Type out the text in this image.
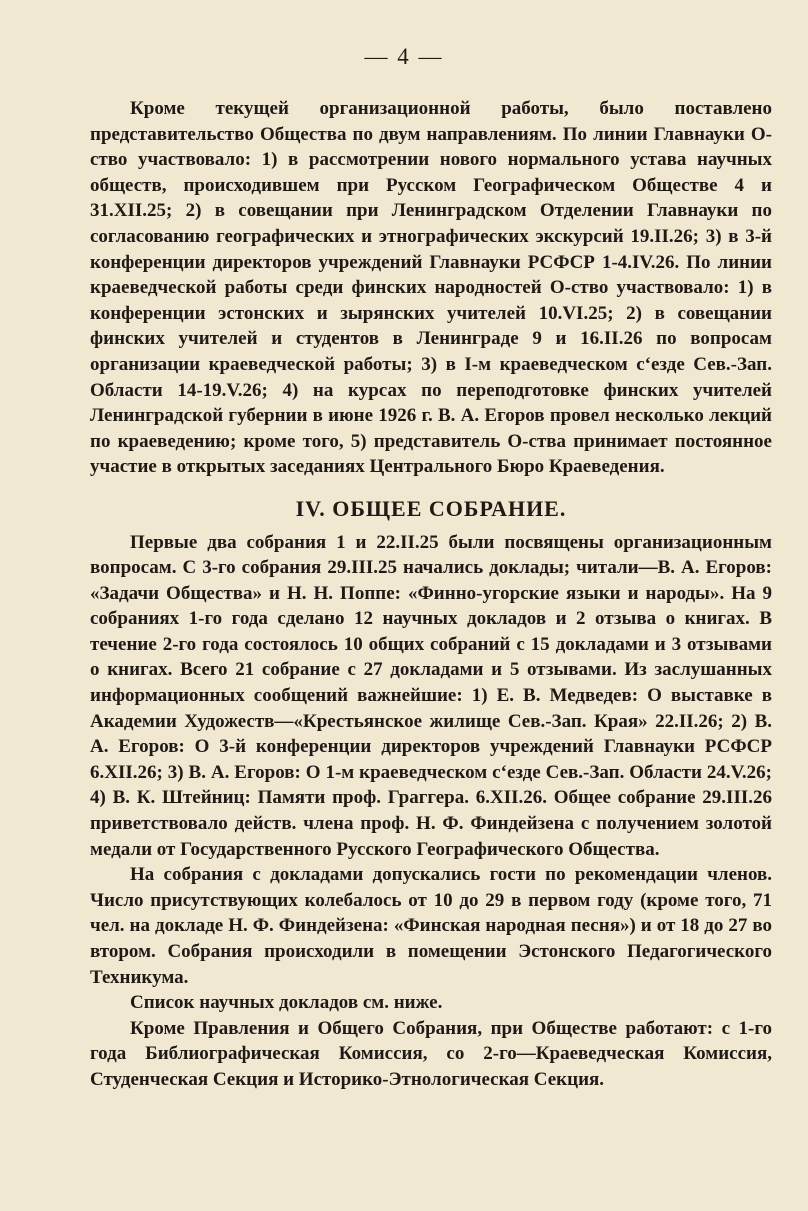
— 4 —

Кроме текущей организационной работы, было поставлено представительство Общества по двум направлениям. По линии Главнауки О-ство участвовало: 1) в рассмотрении нового нормального устава научных обществ, происходившем при Русском Географическом Обществе 4 и 31.XII.25; 2) в совещании при Ленинградском Отделении Главнауки по согласованию географических и этнографических экскурсий 19.II.26; 3) в 3-й конференции директоров учреждений Главнауки РСФСР 1-4.IV.26. По линии краеведческой работы среди финских народностей О-ство участвовало: 1) в конференции эстонских и зырянских учителей 10.VI.25; 2) в совещании финских учителей и студентов в Ленинграде 9 и 16.II.26 по вопросам организации краеведческой работы; 3) в I-м краеведческом с‘езде Сев.-Зап. Области 14-19.V.26; 4) на курсах по переподготовке финских учителей Ленинградской губернии в июне 1926 г. В. А. Егоров провел несколько лекций по краеведению; кроме того, 5) представитель О-ства принимает постоянное участие в открытых заседаниях Центрального Бюро Краеведения.

IV. ОБЩЕЕ СОБРАНИЕ.

Первые два собрания 1 и 22.II.25 были посвящены организационным вопросам. С 3-го собрания 29.III.25 начались доклады; читали—В. А. Егоров: «Задачи Общества» и Н. Н. Поппе: «Финно-угорские языки и народы». На 9 собраниях 1-го года сделано 12 научных докладов и 2 отзыва о книгах. В течение 2-го года состоялось 10 общих собраний с 15 докладами и 3 отзывами о книгах. Всего 21 собрание с 27 докладами и 5 отзывами. Из заслушанных информационных сообщений важнейшие: 1) Е. В. Медведев: О выставке в Академии Художеств—«Крестьянское жилище Сев.-Зап. Края» 22.II.26; 2) В. А. Егоров: О 3-й конференции директоров учреждений Главнауки РСФСР 6.XII.26; 3) В. А. Егоров: О 1-м краеведческом с‘езде Сев.-Зап. Области 24.V.26; 4) В. К. Штейниц: Памяти проф. Граггера. 6.XII.26. Общее собрание 29.III.26 приветствовало действ. члена проф. Н. Ф. Финдейзена с получением золотой медали от Государственного Русского Географического Общества.

На собрания с докладами допускались гости по рекомендации членов. Число присутствующих колебалось от 10 до 29 в первом году (кроме того, 71 чел. на докладе Н. Ф. Финдейзена: «Финская народная песня») и от 18 до 27 во втором. Собрания происходили в помещении Эстонского Педагогического Техникума.

Список научных докладов см. ниже.

Кроме Правления и Общего Собрания, при Обществе работают: с 1-го года Библиографическая Комиссия, со 2-го—Краеведческая Комиссия, Студенческая Секция и Историко-Этнологическая Секция.
